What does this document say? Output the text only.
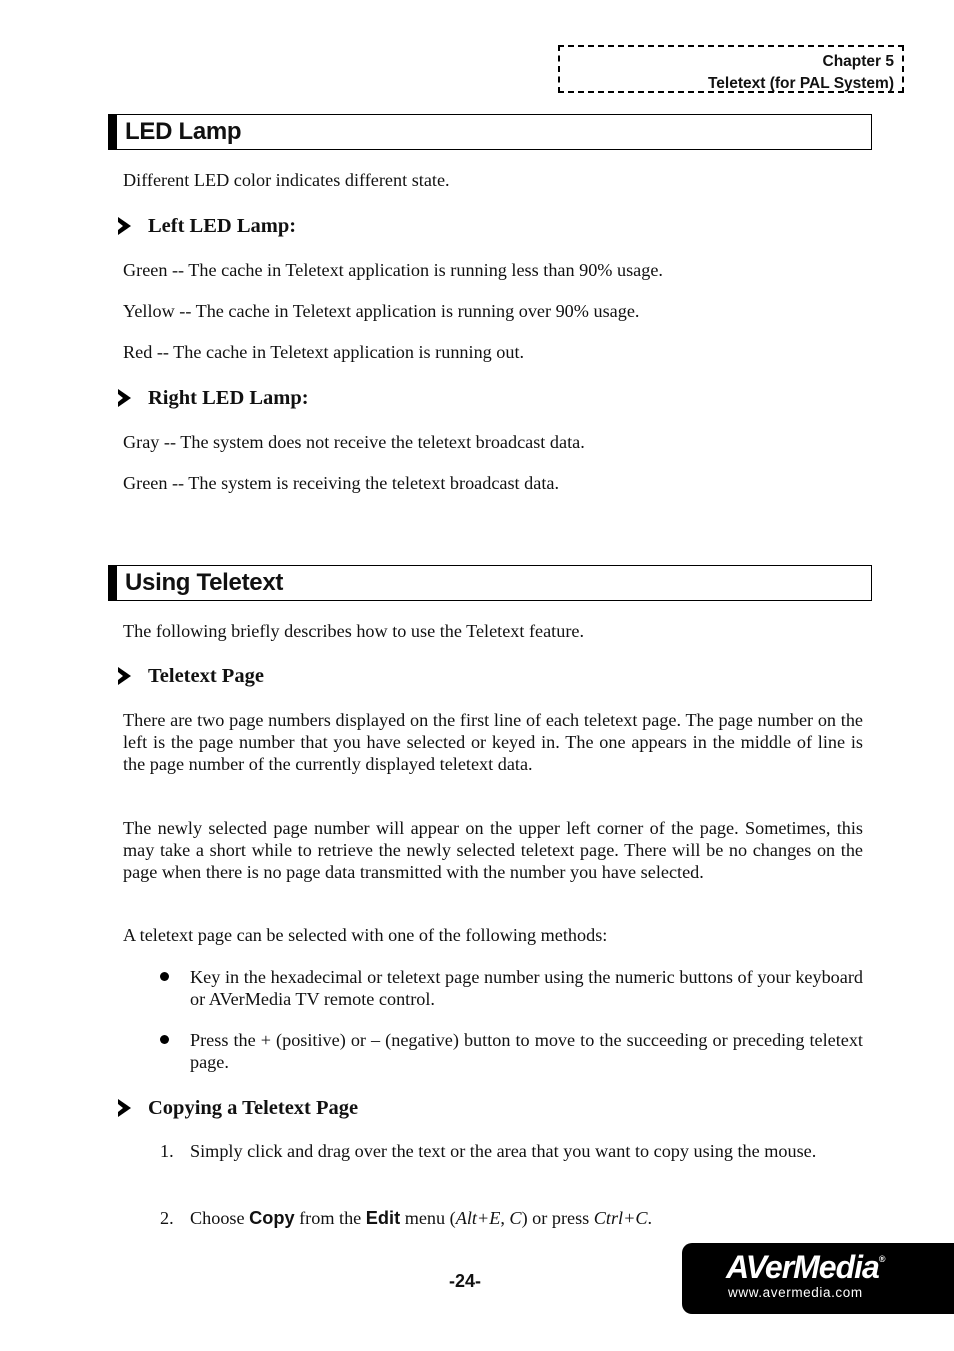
Chapter 5
Teletext (for PAL System)
LED Lamp
Different LED color indicates different state.
Left LED Lamp:
Green -- The cache in Teletext application is running less than 90% usage.
Yellow -- The cache in Teletext application is running over 90% usage.
Red -- The cache in Teletext application is running out.
Right LED Lamp:
Gray -- The system does not receive the teletext broadcast data.
Green -- The system is receiving the teletext broadcast data.
Using Teletext
The following briefly describes how to use the Teletext feature.
Teletext Page
There are two page numbers displayed on the first line of each teletext page. The page number on the left is the page number that you have selected or keyed in. The one appears in the middle of line is the page number of the currently displayed teletext data.
The newly selected page number will appear on the upper left corner of the page. Sometimes, this may take a short while to retrieve the newly selected teletext page. There will be no changes on the page when there is no page data transmitted with the number you have selected.
A teletext page can be selected with one of the following methods:
Key in the hexadecimal or teletext page number using the numeric buttons of your keyboard or AVerMedia TV remote control.
Press the + (positive) or – (negative) button to move to the succeeding or preceding teletext page.
Copying a Teletext Page
1. Simply click and drag over the text or the area that you want to copy using the mouse.
2. Choose Copy from the Edit menu (Alt+E, C) or press Ctrl+C.
-24-	AVerMedia®
www.avermedia.com
